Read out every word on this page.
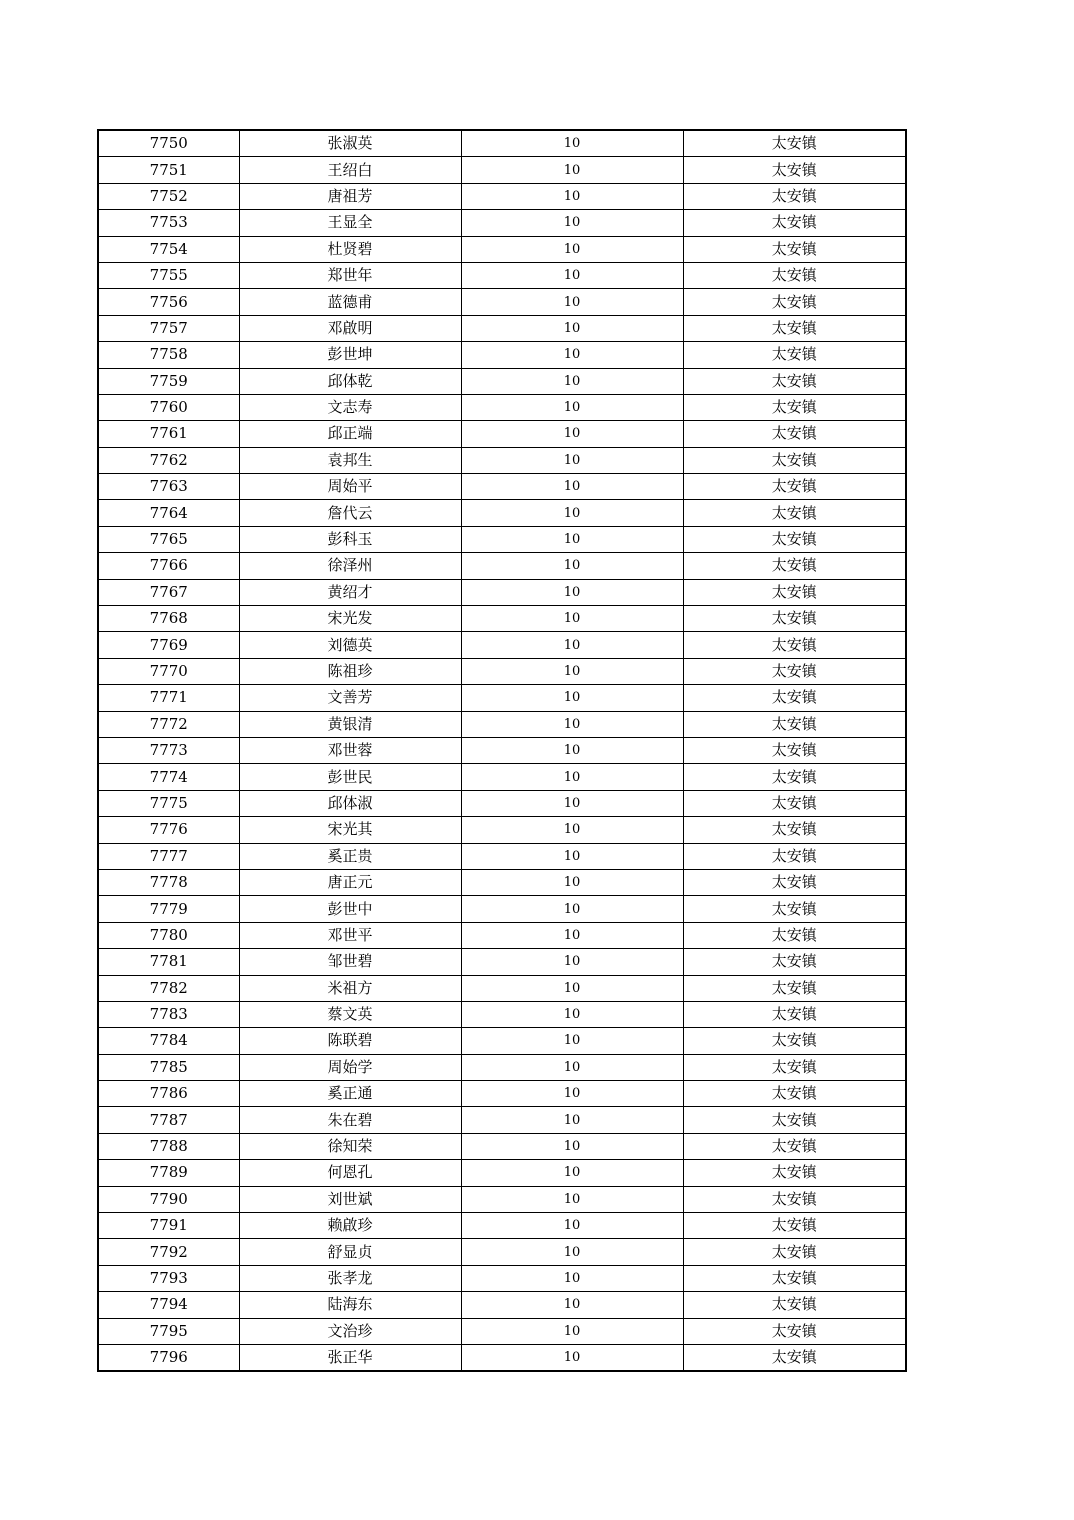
7750	张淑英	10	太安镇
7751	王绍白	10	太安镇
7752	唐祖芳	10	太安镇
7753	王显全	10	太安镇
7754	杜贤碧	10	太安镇
7755	郑世年	10	太安镇
7756	蓝德甫	10	太安镇
7757	邓啟明	10	太安镇
7758	彭世坤	10	太安镇
7759	邱体乾	10	太安镇
7760	文志寿	10	太安镇
7761	邱正端	10	太安镇
7762	袁邦生	10	太安镇
7763	周始平	10	太安镇
7764	詹代云	10	太安镇
7765	彭科玉	10	太安镇
7766	徐泽州	10	太安镇
7767	黄绍才	10	太安镇
7768	宋光发	10	太安镇
7769	刘德英	10	太安镇
7770	陈祖珍	10	太安镇
7771	文善芳	10	太安镇
7772	黄银清	10	太安镇
7773	邓世蓉	10	太安镇
7774	彭世民	10	太安镇
7775	邱体淑	10	太安镇
7776	宋光其	10	太安镇
7777	奚正贵	10	太安镇
7778	唐正元	10	太安镇
7779	彭世中	10	太安镇
7780	邓世平	10	太安镇
7781	邹世碧	10	太安镇
7782	米祖方	10	太安镇
7783	蔡文英	10	太安镇
7784	陈联碧	10	太安镇
7785	周始学	10	太安镇
7786	奚正通	10	太安镇
7787	朱在碧	10	太安镇
7788	徐知荣	10	太安镇
7789	何恩孔	10	太安镇
7790	刘世斌	10	太安镇
7791	赖啟珍	10	太安镇
7792	舒显贞	10	太安镇
7793	张孝龙	10	太安镇
7794	陆海东	10	太安镇
7795	文治珍	10	太安镇
7796	张正华	10	太安镇
